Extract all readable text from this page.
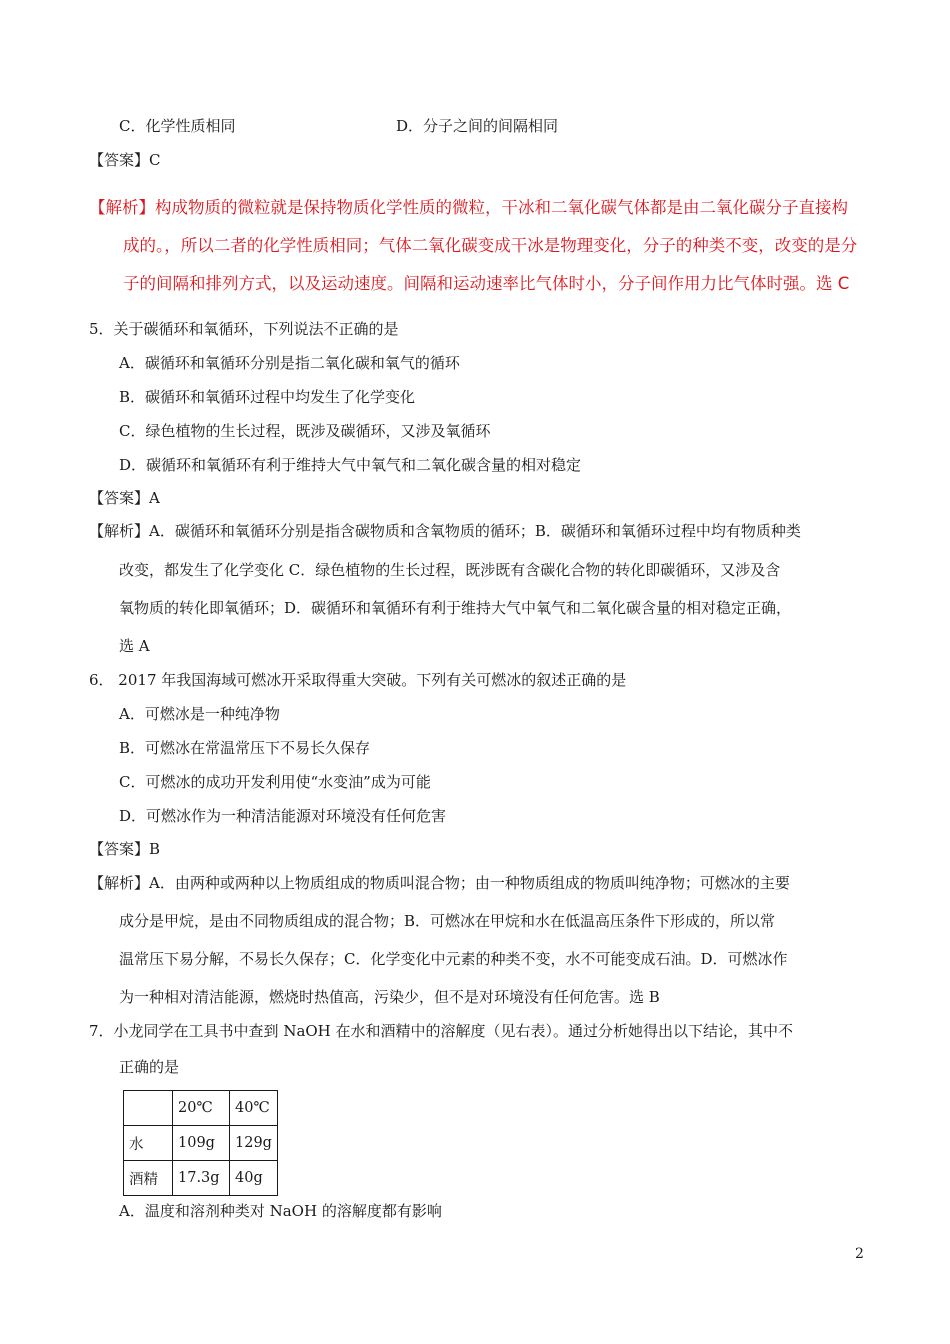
C．化学性质相同	D．分子之间的间隔相同
【答案】C
【解析】构成物质的微粒就是保持物质化学性质的微粒，干冰和二氧化碳气体都是由二氧化碳分子直接构
成的。，所以二者的化学性质相同；气体二氧化碳变成干冰是物理变化，分子的种类不变，改变的是分
子的间隔和排列方式，以及运动速度。间隔和运动速率比气体时小，分子间作用力比气体时强。选 C
5．关于碳循环和氧循环，下列说法不正确的是
A．碳循环和氧循环分别是指二氧化碳和氧气的循环
B．碳循环和氧循环过程中均发生了化学变化
C．绿色植物的生长过程，既涉及碳循环，又涉及氧循环
D．碳循环和氧循环有利于维持大气中氧气和二氧化碳含量的相对稳定
【答案】A
【解析】A．碳循环和氧循环分别是指含碳物质和含氧物质的循环；B．碳循环和氧循环过程中均有物质种类
改变，都发生了化学变化 C．绿色植物的生长过程，既涉既有含碳化合物的转化即碳循环，又涉及含
氧物质的转化即氧循环；D．碳循环和氧循环有利于维持大气中氧气和二氧化碳含量的相对稳定正确，
选 A
6． 2017 年我国海域可燃冰开采取得重大突破。下列有关可燃冰的叙述正确的是
A．可燃冰是一种纯净物
B．可燃冰在常温常压下不易长久保存
C．可燃冰的成功开发利用使“水变油”成为可能
D．可燃冰作为一种清洁能源对环境没有任何危害
【答案】B
【解析】A．由两种或两种以上物质组成的物质叫混合物；由一种物质组成的物质叫纯净物；可燃冰的主要
成分是甲烷，是由不同物质组成的混合物；B．可燃冰在甲烷和水在低温高压条件下形成的，所以常
温常压下易分解，不易长久保存；C．化学变化中元素的种类不变，水不可能变成石油。D．可燃冰作
为一种相对清洁能源，燃烧时热值高，污染少，但不是对环境没有任何危害。选 B
7．小龙同学在工具书中查到 NaOH 在水和酒精中的溶解度（见右表）。通过分析她得出以下结论，其中不
正确的是
	20℃	40℃
水	109g	129g
酒精	17.3g	40g
A．温度和溶剂种类对 NaOH 的溶解度都有影响
2
